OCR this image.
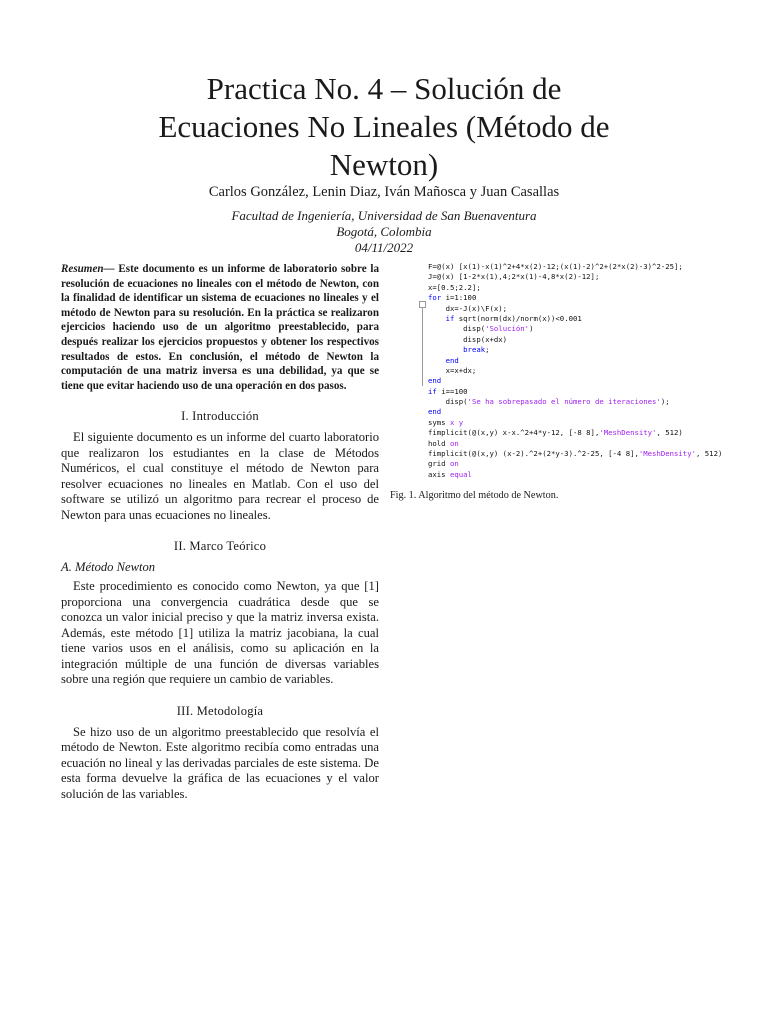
Practica No. 4 – Solución de Ecuaciones No Lineales (Método de Newton)
Carlos González, Lenin Diaz, Iván Mañosca y Juan Casallas
Facultad de Ingeniería, Universidad de San Buenaventura
Bogotá, Colombia
04/11/2022

Resumen— Este documento es un informe de laboratorio sobre la resolución de ecuaciones no lineales con el método de Newton, con la finalidad de identificar un sistema de ecuaciones no lineales y el método de Newton para su resolución. En la práctica se realizaron ejercicios haciendo uso de un algoritmo preestablecido, para después realizar los ejercicios propuestos y obtener los respectivos resultados de estos. En conclusión, el método de Newton la computación de una matriz inversa es una debilidad, ya que se tiene que evitar haciendo uso de una operación en dos pasos.

I. Introducción

El siguiente documento es un informe del cuarto laboratorio que realizaron los estudiantes en la clase de Métodos Numéricos, el cual constituye el método de Newton para resolver ecuaciones no lineales en Matlab. Con el uso del software se utilizó un algoritmo para recrear el proceso de Newton para unas ecuaciones no lineales.

II. Marco Teórico
A. Método Newton

Este procedimiento es conocido como Newton, ya que [1] proporciona una convergencia cuadrática desde que se conozca un valor inicial preciso y que la matriz inversa exista. Además, este método [1] utiliza la matriz jacobiana, la cual tiene varios usos en el análisis, como su aplicación en la integración múltiple de una función de diversas variables sobre una región que requiere un cambio de variables.

III. Metodología

Se hizo uso de un algoritmo preestablecido que resolvía el método de Newton. Este algoritmo recibía como entradas una ecuación no lineal y las derivadas parciales de este sistema. De esta forma devuelve la gráfica de las ecuaciones y el valor solución de las variables.

F=@(x) [x(1)-x(1)^2+4*x(2)-12;(x(1)-2)^2+(2*x(2)-3)^2-25];
J=@(x) [1-2*x(1),4;2*x(1)-4,8*x(2)-12];
x=[0.5;2.2];
for i=1:100
dx=-J(x)\F(x);
if sqrt(norm(dx)/norm(x))<0.001
disp('Solución')
disp(x+dx)
break;
end
x=x+dx;
end
if i==100
disp('Se ha sobrepasado el número de iteraciones');
end
syms x y
fimplicit(@(x,y) x-x.^2+4*y-12, [-8 8],'MeshDensity', 512)
hold on
fimplicit(@(x,y) (x-2).^2+(2*y-3).^2-25, [-4 8],'MeshDensity', 512)
grid on
axis equal
Fig. 1. Algoritmo del método de Newton.
